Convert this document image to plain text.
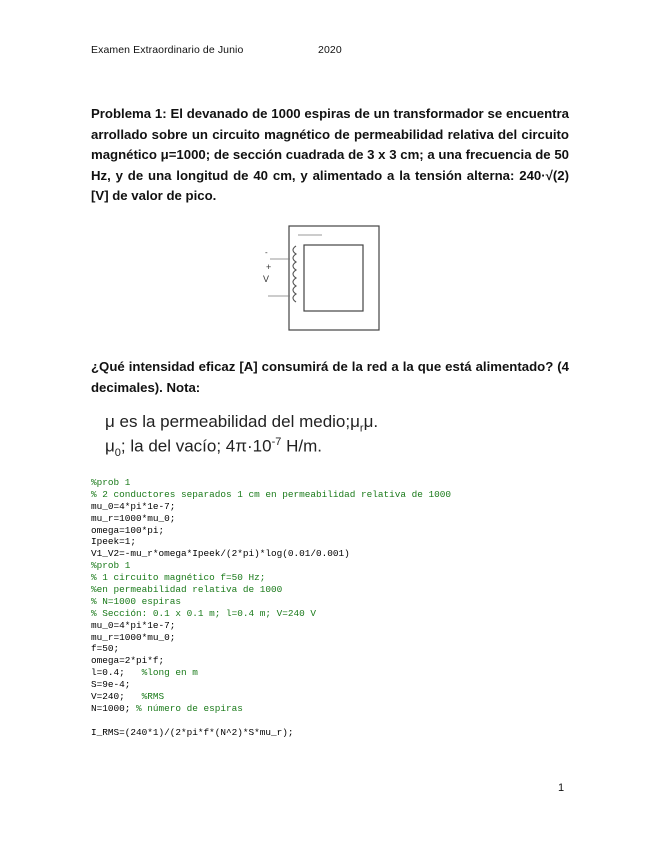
Examen Extraordinario de Junio	2020
Problema 1: El devanado de 1000 espiras de un transformador se encuentra arrollado sobre un circuito magnético de permeabilidad relativa del circuito magnético μ=1000; de sección cuadrada de 3 x 3 cm; a una frecuencia de 50 Hz, y de una longitud de 40 cm, y alimentado a la tensión alterna: 240·√(2) [V] de valor de pico.
-
+
V
¿Qué intensidad eficaz [A] consumirá de la red a la que está alimentado? (4 decimales). Nota:
μ es la permeabilidad del $medio;\mu_r\mu$.
$\mu_0$; la del vacío; $4\pi\cdot 10^{-7}$ H/m.
%prob 1
% 2 conductores separados 1 cm en permeabilidad relativa de 1000
mu_0=4*pi*1e-7;
mu_r=1000*mu_0;
omega=100*pi;
Ipeek=1;
V1_V2=-mu_r*omega*Ipeek/(2*pi)*log(0.01/0.001)
%prob 1
% 1 circuito magnético f=50 Hz;
%en permeabilidad relativa de 1000
% N=1000 espiras
% Sección: 0.1 x 0.1 m; l=0.4 m; V=240 V
mu_0=4*pi*1e-7;
mu_r=1000*mu_0;
f=50;
omega=2*pi*f;
l=0.4;   %long en m
S=9e-4;
V=240;   %RMS
N=1000; % número de espiras
I_RMS=(240*1)/(2*pi*f*(N^2)*S*mu_r);
1
